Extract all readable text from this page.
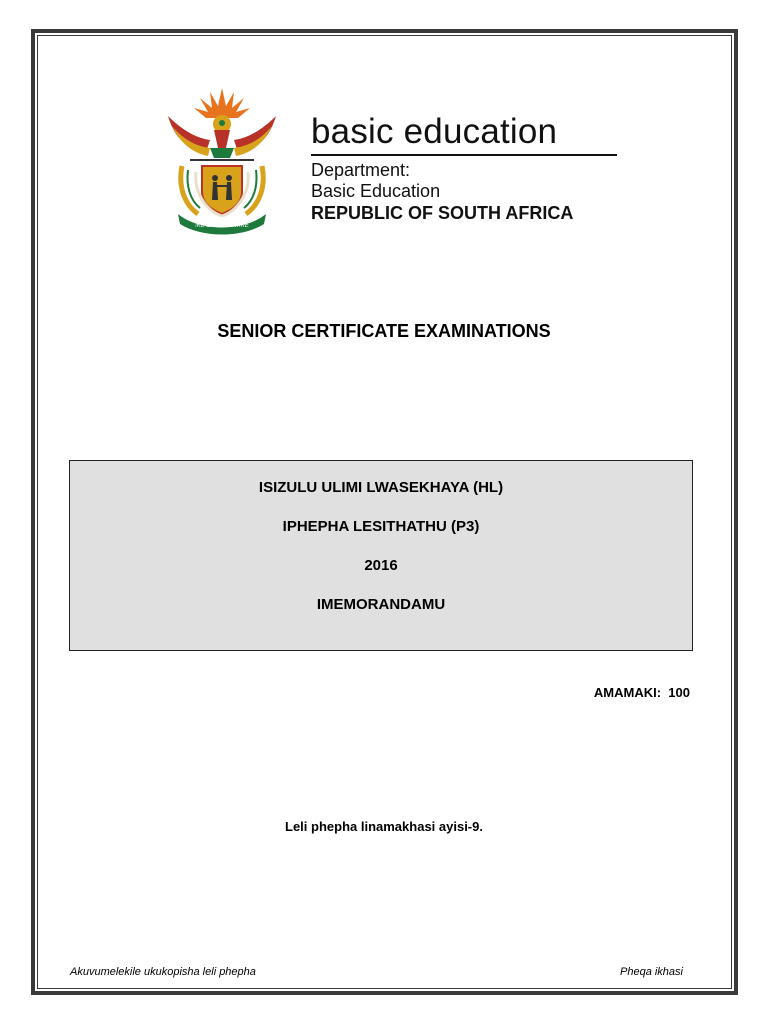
!KE E: /XARRA //KE
basic education
Department:
Basic Education
REPUBLIC OF SOUTH AFRICA
SENIOR CERTIFICATE EXAMINATIONS
ISIZULU ULIMI LWASEKHAYA (HL)
IPHEPHA LESITHATHU (P3)
2016
IMEMORANDAMU
AMAMAKI:  100
Leli phepha linamakhasi ayisi-9.
Akuvumelekile ukukopisha leli phepha	Pheqa ikhasi
